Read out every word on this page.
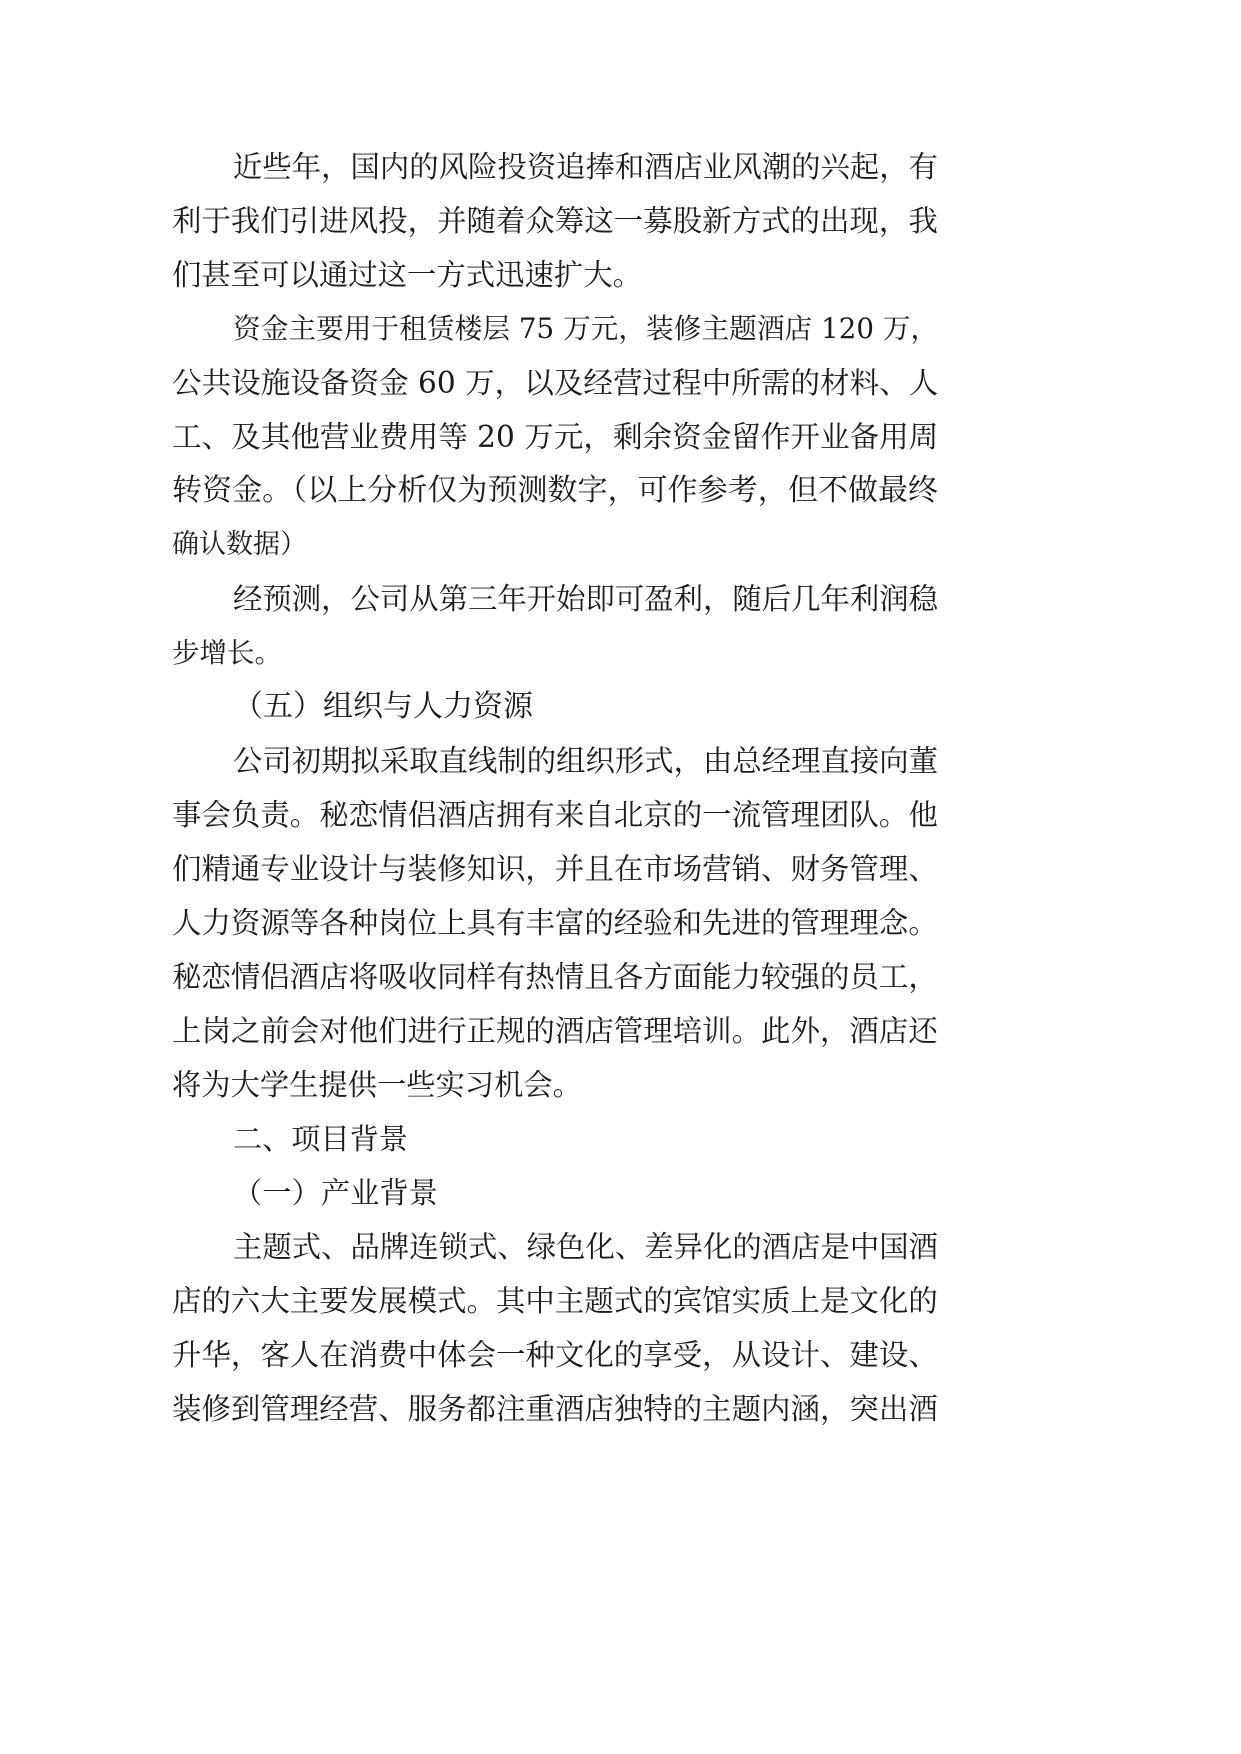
近些年，国内的风险投资追捧和酒店业风潮的兴起，有
利于我们引进风投，并随着众筹这一募股新方式的出现，我
们甚至可以通过这一方式迅速扩大。
资金主要用于租赁楼层 75 万元，装修主题酒店 120 万，
公共设施设备资金 60 万，以及经营过程中所需的材料、人
工、及其他营业费用等 20 万元，剩余资金留作开业备用周
转资金。（以上分析仅为预测数字，可作参考，但不做最终
确认数据）
经预测，公司从第三年开始即可盈利，随后几年利润稳
步增长。
（五）组织与人力资源
公司初期拟采取直线制的组织形式，由总经理直接向董
事会负责。秘恋情侣酒店拥有来自北京的一流管理团队。他
们精通专业设计与装修知识，并且在市场营销、财务管理、
人力资源等各种岗位上具有丰富的经验和先进的管理理念。
秘恋情侣酒店将吸收同样有热情且各方面能力较强的员工，
上岗之前会对他们进行正规的酒店管理培训。此外，酒店还
将为大学生提供一些实习机会。
二、项目背景
（一）产业背景
主题式、品牌连锁式、绿色化、差异化的酒店是中国酒
店的六大主要发展模式。其中主题式的宾馆实质上是文化的
升华，客人在消费中体会一种文化的享受，从设计、建设、
装修到管理经营、服务都注重酒店独特的主题内涵，突出酒
